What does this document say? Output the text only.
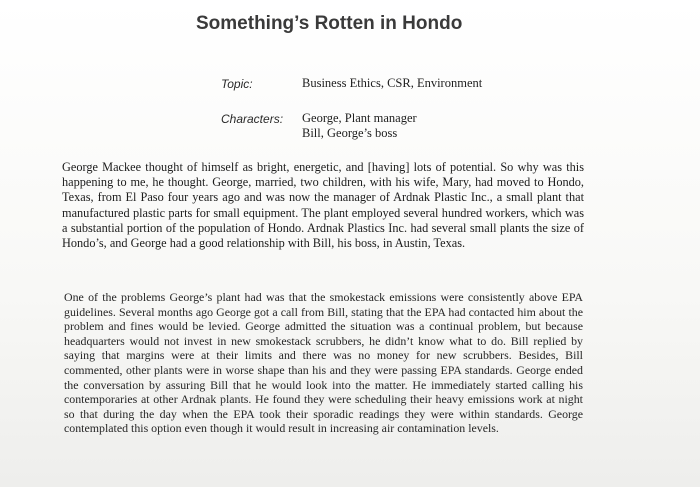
Something’s Rotten in Hondo
Topic:	Business Ethics, CSR, Environment
Characters: George, Plant manager
Bill, George’s boss

George Mackee thought of himself as bright, energetic, and [having] lots of potential. So why was this happening to me, he thought. George, married, two children, with his wife, Mary, had moved to Hondo, Texas, from El Paso four years ago and was now the manager of Ardnak Plastic Inc., a small plant that manufactured plastic parts for small equipment. The plant employed several hundred workers, which was a substantial portion of the population of Hondo. Ardnak Plastics Inc. had several small plants the size of Hondo’s, and George had a good relationship with Bill, his boss, in Austin, Texas.

One of the problems George’s plant had was that the smokestack emissions were consistently above EPA guidelines. Several months ago George got a call from Bill, stating that the EPA had contacted him about the problem and fines would be levied. George admitted the situation was a continual problem, but because headquarters would not invest in new smokestack scrubbers, he didn’t know what to do. Bill replied by saying that margins were at their limits and there was no money for new scrubbers. Besides, Bill commented, other plants were in worse shape than his and they were passing EPA standards. George ended the conversation by assuring Bill that he would look into the matter. He immediately started calling his contemporaries at other Ardnak plants. He found they were scheduling their heavy emissions work at night so that during the day when the EPA took their sporadic readings they were within standards. George contemplated this option even though it would result in increasing air contamination levels.
